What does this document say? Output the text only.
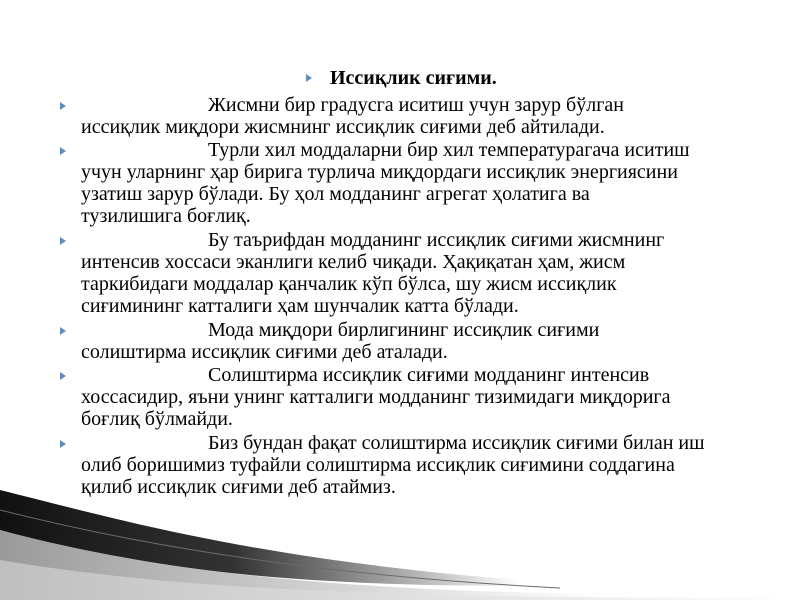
Иссиқлик сиғими.
Жисмни бир градусга иситиш учун зарур бўлган
иссиқлик миқдори жисмнинг иссиқлик сиғими деб айтилади.
Турли хил моддаларни бир хил температурагача иситиш
учун уларнинг ҳар бирига турлича миқдордаги иссиқлик энергиясини
узатиш зарур бўлади. Бу ҳол модданинг агрегат ҳолатига ва
тузилишига боғлиқ.
Бу таърифдан модданинг иссиқлик сиғими жисмнинг
интенсив хоссаси эканлиги келиб чиқади. Ҳақиқатан ҳам, жисм
таркибидаги моддалар қанчалик кўп бўлса, шу жисм иссиқлик
сиғимининг катталиги ҳам шунчалик катта бўлади.
Мода миқдори бирлигининг иссиқлик сиғими
солиштирма иссиқлик сиғими деб аталади.
Солиштирма иссиқлик сиғими модданинг интенсив
хоссасидир, яъни унинг катталиги модданинг тизимидаги миқдорига
боғлиқ бўлмайди.
Биз бундан фақат солиштирма иссиқлик сиғими билан иш
олиб боришимиз туфайли солиштирма иссиқлик сиғимини соддагина
қилиб иссиқлик сиғими деб атаймиз.
